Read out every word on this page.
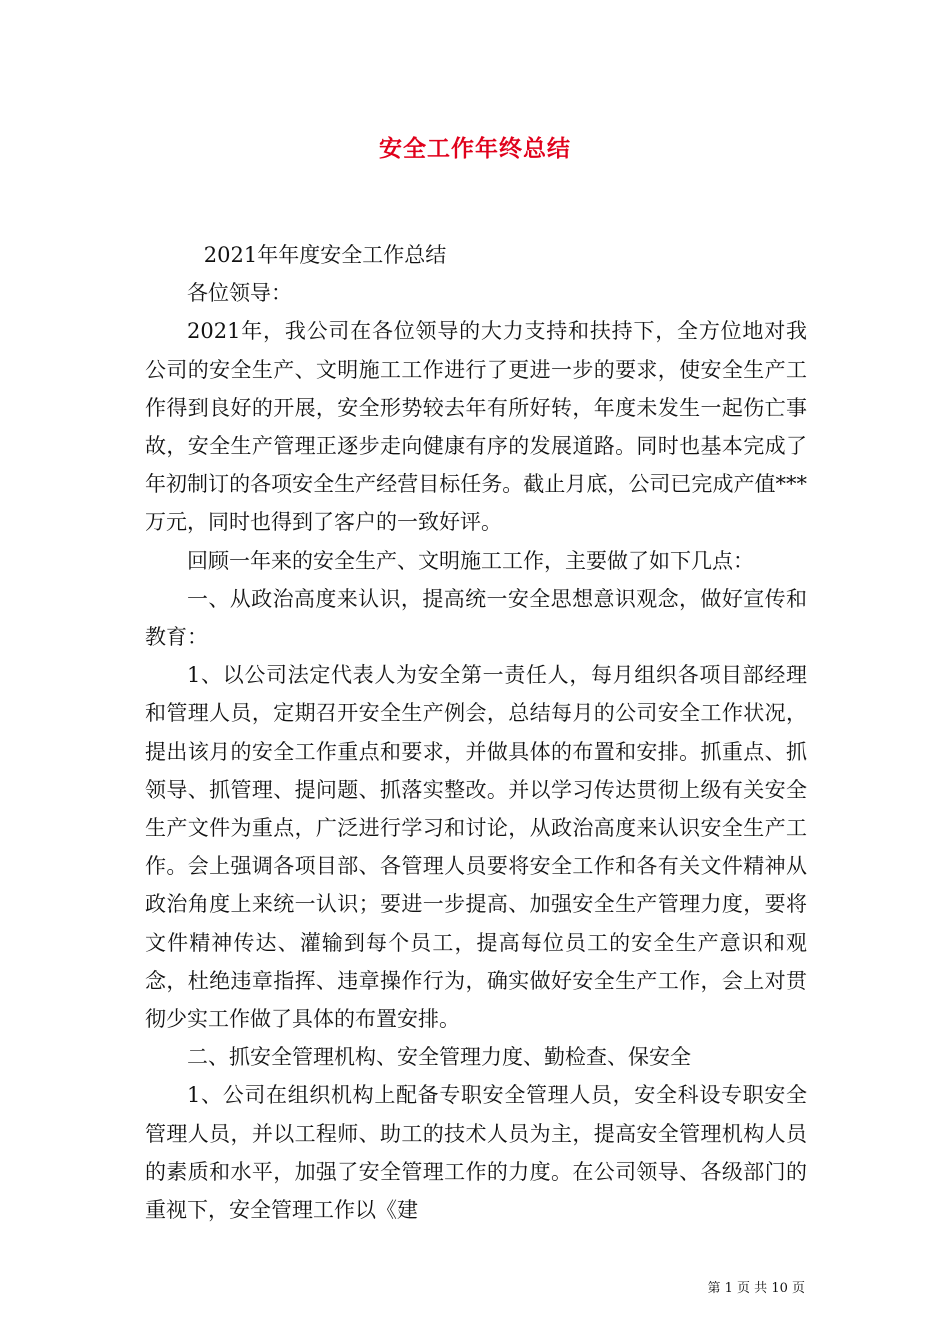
安全工作年终总结

2021年年度安全工作总结

各位领导：

2021年，我公司在各位领导的大力支持和扶持下，全方位地对我公司的安全生产、文明施工工作进行了更进一步的要求，使安全生产工作得到良好的开展，安全形势较去年有所好转，年度未发生一起伤亡事故，安全生产管理正逐步走向健康有序的发展道路。同时也基本完成了年初制订的各项安全生产经营目标任务。截止月底，公司已完成产值***万元，同时也得到了客户的一致好评。

回顾一年来的安全生产、文明施工工作，主要做了如下几点：

一、从政治高度来认识，提高统一安全思想意识观念，做好宣传和教育：

1、以公司法定代表人为安全第一责任人，每月组织各项目部经理和管理人员，定期召开安全生产例会，总结每月的公司安全工作状况，提出该月的安全工作重点和要求，并做具体的布置和安排。抓重点、抓领导、抓管理、提问题、抓落实整改。并以学习传达贯彻上级有关安全生产文件为重点，广泛进行学习和讨论，从政治高度来认识安全生产工作。会上强调各项目部、各管理人员要将安全工作和各有关文件精神从政治角度上来统一认识；要进一步提高、加强安全生产管理力度，要将文件精神传达、灌输到每个员工，提高每位员工的安全生产意识和观念，杜绝违章指挥、违章操作行为，确实做好安全生产工作，会上对贯彻少实工作做了具体的布置安排。

二、抓安全管理机构、安全管理力度、勤检查、保安全

1、公司在组织机构上配备专职安全管理人员，安全科设专职安全管理人员，并以工程师、助工的技术人员为主，提高安全管理机构人员的素质和水平，加强了安全管理工作的力度。在公司领导、各级部门的重视下，安全管理工作以《建

第 1 页 共 10 页
